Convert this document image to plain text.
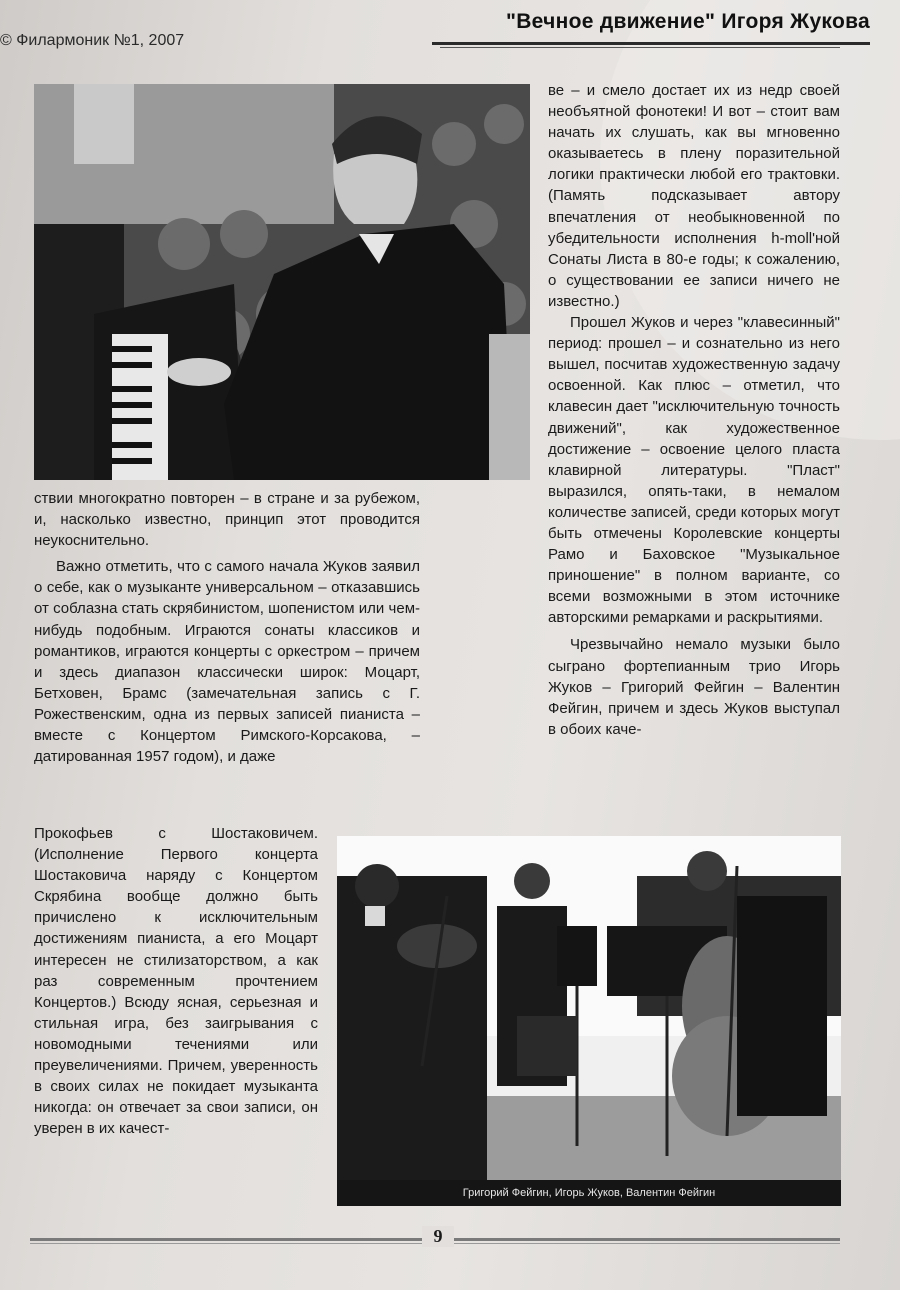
© Филармоник №1, 2007
"Вечное движение" Игоря Жукова

ве – и смело достает их из недр своей необъятной фонотеки! И вот – стоит вам начать их слушать, как вы мгновенно оказываетесь в плену поразительной логики практически любой его трактовки. (Память подсказывает автору впечатления от необыкновенной по убедительности исполнения h-moll'ной Сонаты Листа в 80-е годы; к сожалению, о существовании ее записи ничего не известно.)

Прошел Жуков и через "клавесинный" период: прошел – и сознательно из него вышел, посчитав художественную задачу освоенной. Как плюс – отметил, что клавесин дает "исключительную точность движений", как художественное достижение – освоение целого пласта клавирной литературы. "Пласт" выразился, опять-таки, в немалом количестве записей, среди которых могут быть отмечены Королевские концерты Рамо и Баховское "Музыкальное приношение" в полном варианте, со всеми возможными в этом источнике авторскими ремарками и раскрытиями.

Чрезвычайно немало музыки было сыграно фортепианным трио Игорь Жуков – Григорий Фейгин – Валентин Фейгин, причем и здесь Жуков выступал в обоих каче-

ствии многократно повторен – в стране и за рубежом, и, насколько известно, принцип этот проводится неукоснительно.

Важно отметить, что с самого начала Жуков заявил о себе, как о музыканте универсальном – отказавшись от соблазна стать скрябинистом, шопенистом или чем-нибудь подобным. Играются сонаты классиков и романтиков, играются концерты с оркестром – причем и здесь диапазон классически широк: Моцарт, Бетховен, Брамс (замечательная запись с Г. Рожественским, одна из первых записей пианиста – вместе с Концертом Римского-Корсакова, – датированная 1957 годом), и даже

Прокофьев с Шостаковичем. (Исполнение Первого концерта Шостаковича наряду с Концертом Скрябина вообще должно быть причислено к исключительным достижениям пианиста, а его Моцарт интересен не стилизаторством, а как раз современным прочтением Концертов.) Всюду ясная, серьезная и стильная игра, без заигрывания с новомодными течениями или преувеличениями. Причем, уверенность в своих силах не покидает музыканта никогда: он отвечает за свои записи, он уверен в их качест-

Григорий Фейгин, Игорь Жуков, Валентин Фейгин
9
